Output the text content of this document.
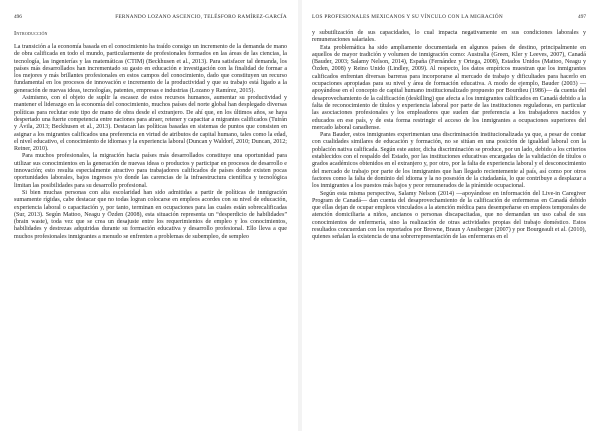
496	FERNANDO LOZANO ASCENCIO, TELÉSFORO RAMÍREZ-GARCÍA
Introducción

La transición a la economía basada en el conocimiento ha traído consigo un incremento de la demanda de mano de obra calificada en todo el mundo, particularmente de profesionales formados en las áreas de las ciencias, la tecnología, las ingenierías y las matemáticas (CTIM) (Beckhusen et al., 2013). Para satisfacer tal demanda, los países más desarrollados han incrementado su gasto en educación e investigación con la finalidad de formar a los mejores y más brillantes profesionales en estos campos del conocimiento, dado que constituyen un recurso fundamental en los procesos de innovación e incremento de la productividad y que su trabajo está ligado a la generación de nuevas ideas, tecnologías, patentes, empresas e industrias (Lozano y Ramírez, 2015).

Asimismo, con el objeto de suplir la escasez de estos recursos humanos, aumentar su productividad y mantener el liderazgo en la economía del conocimiento, muchos países del norte global han desplegado diversas políticas para reclutar este tipo de mano de obra desde el extranjero. De ahí que, en los últimos años, se haya despertado una fuerte competencia entre naciones para atraer, retener y capacitar a migrantes calificados (Tuirán y Ávila, 2013; Beckhusen et al., 2013). Destacan las políticas basadas en sistemas de puntos que consisten en asignar a los migrantes calificados una preferencia en virtud de atributos de capital humano, tales como la edad, el nivel educativo, el conocimiento de idiomas y la experiencia laboral (Duncan y Waldorf, 2010; Duncan, 2012; Reiner, 2010).

Para muchos profesionales, la migración hacia países más desarrollados constituye una oportunidad para utilizar sus conocimientos en la generación de nuevas ideas o productos y participar en procesos de desarrollo e innovación; esto resulta especialmente atractivo para trabajadores calificados de países donde existen pocas oportunidades laborales, bajos ingresos y/o donde las carencias de la infraestructura científica y tecnológica limitan las posibilidades para su desarrollo profesional.

Si bien muchas personas con alta escolaridad han sido admitidas a partir de políticas de inmigración sumamente rígidas, cabe destacar que no todas logran colocarse en empleos acordes con su nivel de educación, experiencia laboral o capacitación y, por tanto, terminan en ocupaciones para las cuales están sobrecalificadas (Sur, 2013). Según Mattoo, Neagu y Özden (2008), esta situación representa un “desperdicio de habilidades” (brain waste), toda vez que se crea un desajuste entre los requerimientos de empleo y los conocimientos, habilidades y destrezas adquiridas durante su formación educativa y desarrollo profesional. Ello lleva a que muchos profesionales inmigrantes a menudo se enfrenten a problemas de subempleo, de sempleo

LOS PROFESIONALES MEXICANOS Y SU VÍNCULO CON LA MIGRACIÓN	497

y subutilización de sus capacidades, lo cual impacta negativamente en sus condiciones laborales y remuneraciones salariales.

Esta problemática ha sido ampliamente documentada en algunos países de destino, principalmente en aquellos de mayor tradición y volumen de inmigración como: Australia (Green, Kler y Leeves, 2007), Canadá (Bauder, 2003; Salamy Nelson, 2014), España (Fernández y Ortega, 2008), Estados Unidos (Mattoo, Neagu y Özden, 2008) y Reino Unido (Lindley, 2009). Al respecto, los datos empíricos muestran que los inmigrantes calificados enfrentan diversas barreras para incorporarse al mercado de trabajo y dificultades para hacerlo en ocupaciones apropiadas para su nivel y área de formación educativa. A modo de ejemplo, Bauder (2003) —apoyándose en el concepto de capital humano institucionalizado propuesto por Bourdieu (1986)— da cuenta del desaprovechamiento de la calificación (deskilling) que afecta a los inmigrantes calificados en Canadá debido a la falta de reconocimiento de títulos y experiencia laboral por parte de las instituciones reguladoras, en particular las asociaciones profesionales y los empleadores que suelen dar preferencia a los trabajadores nacidos y educados en ese país, y de esta forma restringir el acceso de los inmigrantes a ocupaciones superiores del mercado laboral canadiense.

Para Bauder, estos inmigrantes experimentan una discriminación institucionalizada ya que, a pesar de contar con cualidades similares de educación y formación, no se sitúan en una posición de igualdad laboral con la población nativa calificada. Según este autor, dicha discriminación se produce, por un lado, debido a los criterios establecidos con el respaldo del Estado, por las instituciones educativas encargadas de la validación de títulos o grados académicos obtenidos en el extranjero y, por otro, por la falta de experiencia laboral y el desconocimiento del mercado de trabajo por parte de los inmigrantes que han llegado recientemente al país, así como por otros factores como la falta de dominio del idioma y la no posesión de la ciudadanía, lo que contribuye a desplazar a los inmigrantes a los puestos más bajos y peor remunerados de la pirámide ocupacional.

Según esta misma perspectiva, Salamy Nelson (2014) —apoyándose en información del Live-in Caregiver Program de Canadá— dan cuenta del desaprovechamiento de la calificación de enfermeras en Canadá debido que ellas dejan de ocupar empleos vinculados a la atención médica para desempeñarse en empleos temporales de atención domiciliaria a niños, ancianos o personas discapacitadas, que no demandan un uso cabal de sus conocimientos de enfermería, sino la realización de otras actividades propias del trabajo doméstico. Estos resultados concuerdan con los reportados por Browne, Braun y Ansiberger (2007) y por Bourgeault et al. (2010), quienes señalan la existencia de una sobrerrepresentación de las enfermeras en el
